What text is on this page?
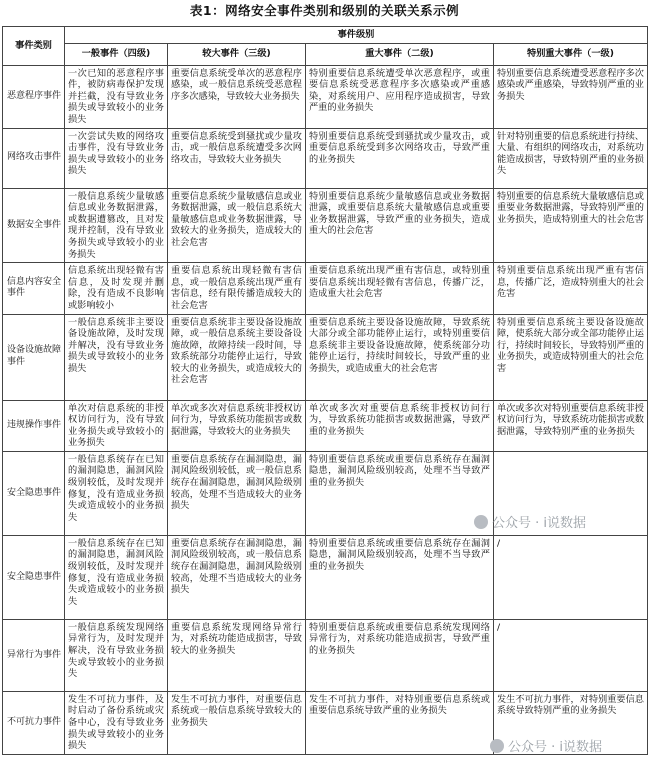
表1：网络安全事件类别和级别的关联关系示例
事件类别	事件级别			
	一般事件（四级)	较大事件（三级)	重大事件（二级)	特别重大事件（一级)
恶意程序事件	一次已知的恶意程序事件，被防病毒保护发现并拦截，没有导致业务损失或导致较小的业务损失	重要信息系统受单次的恶意程序感染，或一般信息系统受恶意程序多次感染，导致较大业务损失	特别重要信息系统遭受单次恶意程序，或重要信息系统受恶意程序多次感染或严重感染，对系统用户、应用程序造成损害，导致严重的业务损失	特别重要信息系统遭受恶意程序多次感染或严重感染，导致特别严重的业务损失
网络攻击事件	一次尝试失败的网络攻击事件，没有导致业务损失或导致较小的业务损失	重要信息系统受到骚扰或少量攻击，或一般信息系统遭受多次网络攻击，导致较大业务损失	特别重要信息系统受到骚扰或少量攻击，或重要信息系统受到多次网络攻击，导致严重的业务损失	针对特别重要的信息系统进行持续、大量、有组织的网络攻击，对系统功能造成损害，导致特别严重的业务损失
数据安全事件	一般信息系统少量敏感信息或业务数据泄露，或数据遭篡改，且对发现并控制，没有导致业务损失或导致较小的业务损失	重要信息系统少量敏感信息或业务数据泄露，或一般信息系统大量敏感信息或业务数据泄露，导致较大的业务损失，造成较大的社会危害	特别重要信息系统少量敏感信息或业务数据泄露，或重要信息系统大量敏感信息或重要业务数据泄露，导致严重的业务损失，造成重大的社会危害	特别重要的信息系统大量敏感信息或重要业务数据泄露，导致特别严重的业务损失，造成特别重大的社会危害
信息内容安全事件	信息系统出现轻微有害信息，及时发现并删除，没有造成不良影响或影响较小	重要信息系统出现轻微有害信息，或一般信息系统出现严重有害信息，经有限传播造成较大的社会危害	重要信息系统出现严重有害信息，或特别重要信息系统出现轻微有害信息，传播广泛，造成重大社会危害	特别重要信息系统出现严重有害信息，传播广泛，造成特别重大的社会危害
设备设施故障事件	一般信息系统非主要设备设施故障，及时发现并解决，没有导致业务损失或导致较小的业务损失	重要信息系统非主要设备设施故障，或一般信息系统主要设备设施故障，故障持续一段时间，导致系统部分功能停止运行，导致较大的业务损失，或造成较大的社会危害	重要信息系统主要设备设施故障，导致系统大部分或全部功能停止运行，或特别重要信息系统非主要设备设施故障，使系统部分功能停止运行，持续时间较长，导致严重的业务损失，或造成重大的社会危害	特别重要信息系统主要设备设施故障，使系统大部分或全部功能停止运行，持续时间较长，导致特别严重的业务损失，或造成特别重大的社会危害
违规操作事件	单次对信息系统的非授权访问行为，没有导致业务损失或导致较小的业务损失	单次或多次对信息系统非授权访问行为，导致系统功能损害或数据泄露，导致较大的业务损失	单次或多次对重要信息系统非授权访问行为，导致系统功能损害或数据泄露，导致严重的业务损失	单次或多次对特别重要信息系统非授权访问行为，导致系统功能损害或数据泄露，导致特别严重的业务损失
安全隐患事件	一般信息系统存在已知的漏洞隐患，漏洞风险级别较低，及时发现并修复，没有造成业务损失或造成较小的业务损失	重要信息系统存在漏洞隐患，漏洞风险级别较低，或一般信息系统存在漏洞隐患，漏洞风险级别较高，处理不当造成较大的业务损失	特别重要信息系统或重要信息系统存在漏洞隐患，漏洞风险级别较高，处理不当导致严重的业务损失	
安全隐患事件	一般信息系统存在已知的漏洞隐患，漏洞风险级别较低，及时发现并修复，没有造成业务损失或造成较小的业务损失	重要信息系统存在漏洞隐患，漏洞风险级别较高，或一般信息系统存在漏洞隐患，漏洞风险级别较高，处理不当造成较大的业务损失	特别重要信息系统或重要信息系统存在漏洞隐患，漏洞风险级别较高，处理不当导致严重的业务损失	/
异常行为事件	一般信息系统发现网络异常行为，及时发现并解决，没有导致业务损失或导致较小的业务损失	重要信息系统发现网络异常行为，对系统功能造成损害，导致较大的业务损失	特别重要信息系统或重要信息系统发现网络异常行为，对系统功能造成损害，导致严重的业务损失	/
不可抗力事件	发生不可抗力事件，及时启动了备份系统或灾备中心，没有导致业务损失或导致较小的业务损失	发生不可抗力事件，对重要信息系统或一般信息系统导致较大的业务损失	发生不可抗力事件，对特别重要信息系统或重要信息系统导致严重的业务损失	发生不可抗力事件，对特别重要信息系统导致特别严重的业务损失
公众号 · i说数据
公众号 · i说数据
